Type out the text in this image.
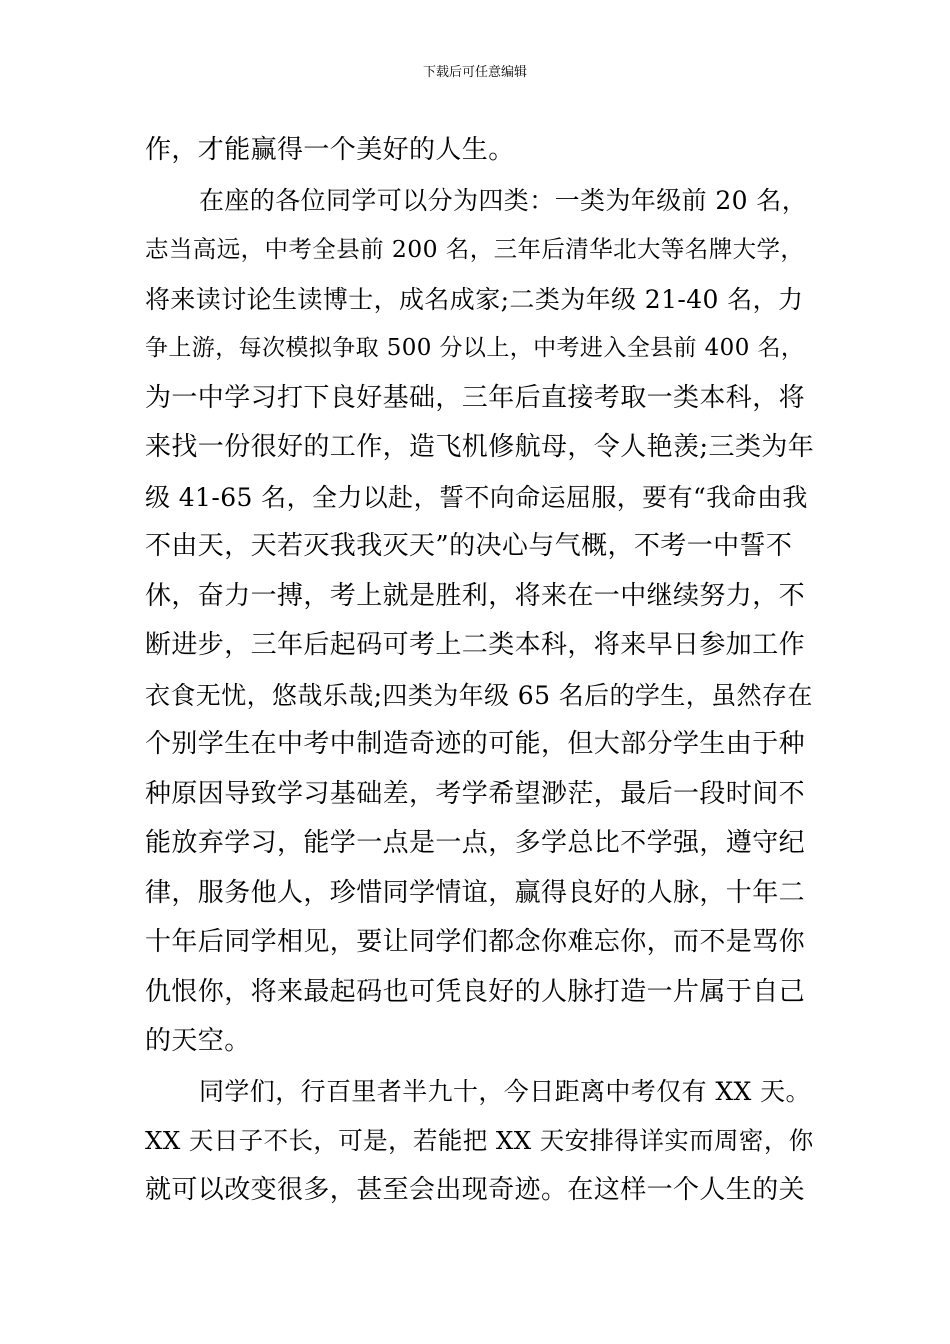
下载后可任意编辑
作，才能赢得一个美好的人生。
在座的各位同学可以分为四类：一类为年级前 20 名，
志当高远，中考全县前 200 名，三年后清华北大等名牌大学，
将来读讨论生读博士，成名成家;二类为年级 21-40 名，力
争上游，每次模拟争取 500 分以上，中考进入全县前 400 名，
为一中学习打下良好基础，三年后直接考取一类本科，将
来找一份很好的工作，造飞机修航母，令人艳羡;三类为年
级 41-65 名，全力以赴，誓不向命运屈服，要有“我命由我
不由天，天若灭我我灭天”的决心与气概，不考一中誓不
休，奋力一搏，考上就是胜利，将来在一中继续努力，不
断进步，三年后起码可考上二类本科，将来早日参加工作
衣食无忧，悠哉乐哉;四类为年级 65 名后的学生，虽然存在
个别学生在中考中制造奇迹的可能，但大部分学生由于种
种原因导致学习基础差，考学希望渺茫，最后一段时间不
能放弃学习，能学一点是一点，多学总比不学强，遵守纪
律，服务他人，珍惜同学情谊，赢得良好的人脉，十年二
十年后同学相见，要让同学们都念你难忘你，而不是骂你
仇恨你，将来最起码也可凭良好的人脉打造一片属于自己
的天空。
同学们，行百里者半九十，今日距离中考仅有 XX 天。
XX 天日子不长，可是，若能把 XX 天安排得详实而周密，你
就可以改变很多，甚至会出现奇迹。在这样一个人生的关
